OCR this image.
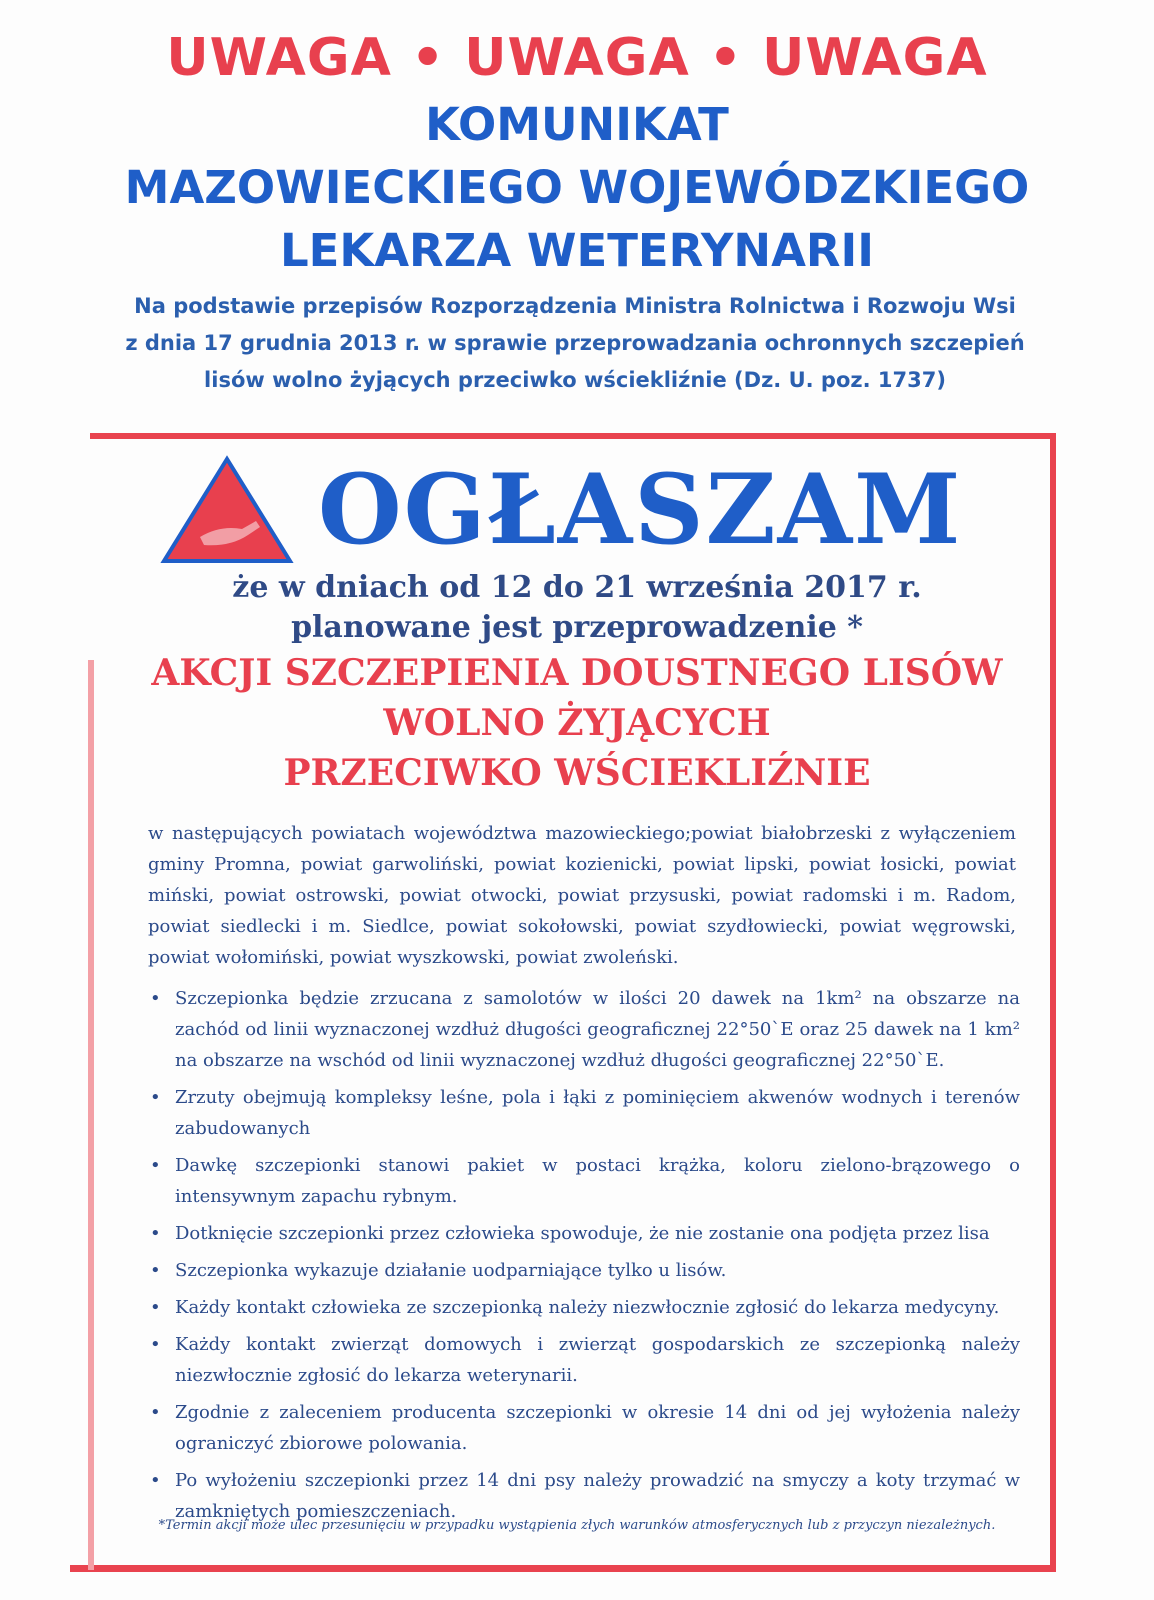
UWAGA • UWAGA • UWAGA
KOMUNIKAT
MAZOWIECKIEGO WOJEWÓDZKIEGO
LEKARZA WETERYNARII
Na podstawie przepisów Rozporządzenia Ministra Rolnictwa i Rozwoju Wsi
z dnia 17 grudnia 2013 r. w sprawie przeprowadzania ochronnych szczepień
lisów wolno żyjących przeciwko wściekliźnie (Dz. U. poz. 1737)
OGŁASZAM
że w dniach od 12 do 21 września 2017 r.
planowane jest przeprowadzenie *
AKCJI SZCZEPIENIA DOUSTNEGO LISÓW
WOLNO ŻYJĄCYCH
PRZECIWKO WŚCIEKLIŹNIE
w następujących powiatach województwa mazowieckiego;powiat białobrzeski z wyłączeniem gminy Promna, powiat garwoliński, powiat kozienicki, powiat lipski, powiat łosicki, powiat miński, powiat ostrowski, powiat otwocki, powiat przysuski, powiat radomski i m. Radom, powiat siedlecki i m. Siedlce, powiat sokołowski, powiat szydłowiecki, powiat węgrowski, powiat wołomiński, powiat wyszkowski, powiat zwoleński.
• Szczepionka będzie zrzucana z samolotów w ilości 20 dawek na 1km² na obszarze na zachód od linii wyznaczonej wzdłuż długości geograficznej 22°50`E oraz 25 dawek na 1 km² na obszarze na wschód od linii wyznaczonej wzdłuż długości geograficznej 22°50`E.
• Zrzuty obejmują kompleksy leśne, pola i łąki z pominięciem akwenów wodnych i terenów zabudowanych
• Dawkę szczepionki stanowi pakiet w postaci krążka, koloru zielono-brązowego o intensywnym zapachu rybnym.
• Dotknięcie szczepionki przez człowieka spowoduje, że nie zostanie ona podjęta przez lisa
• Szczepionka wykazuje działanie uodparniające tylko u lisów.
• Każdy kontakt człowieka ze szczepionką należy niezwłocznie zgłosić do lekarza medycyny.
• Każdy kontakt zwierząt domowych i zwierząt gospodarskich ze szczepionką należy niezwłocznie zgłosić do lekarza weterynarii.
• Zgodnie z zaleceniem producenta szczepionki w okresie 14 dni od jej wyłożenia należy ograniczyć zbiorowe polowania.
• Po wyłożeniu szczepionki przez 14 dni psy należy prowadzić na smyczy a koty trzymać w zamkniętych pomieszczeniach.
*Termin akcji może ulec przesunięciu w przypadku wystąpienia złych warunków atmosferycznych lub z przyczyn niezależnych.
